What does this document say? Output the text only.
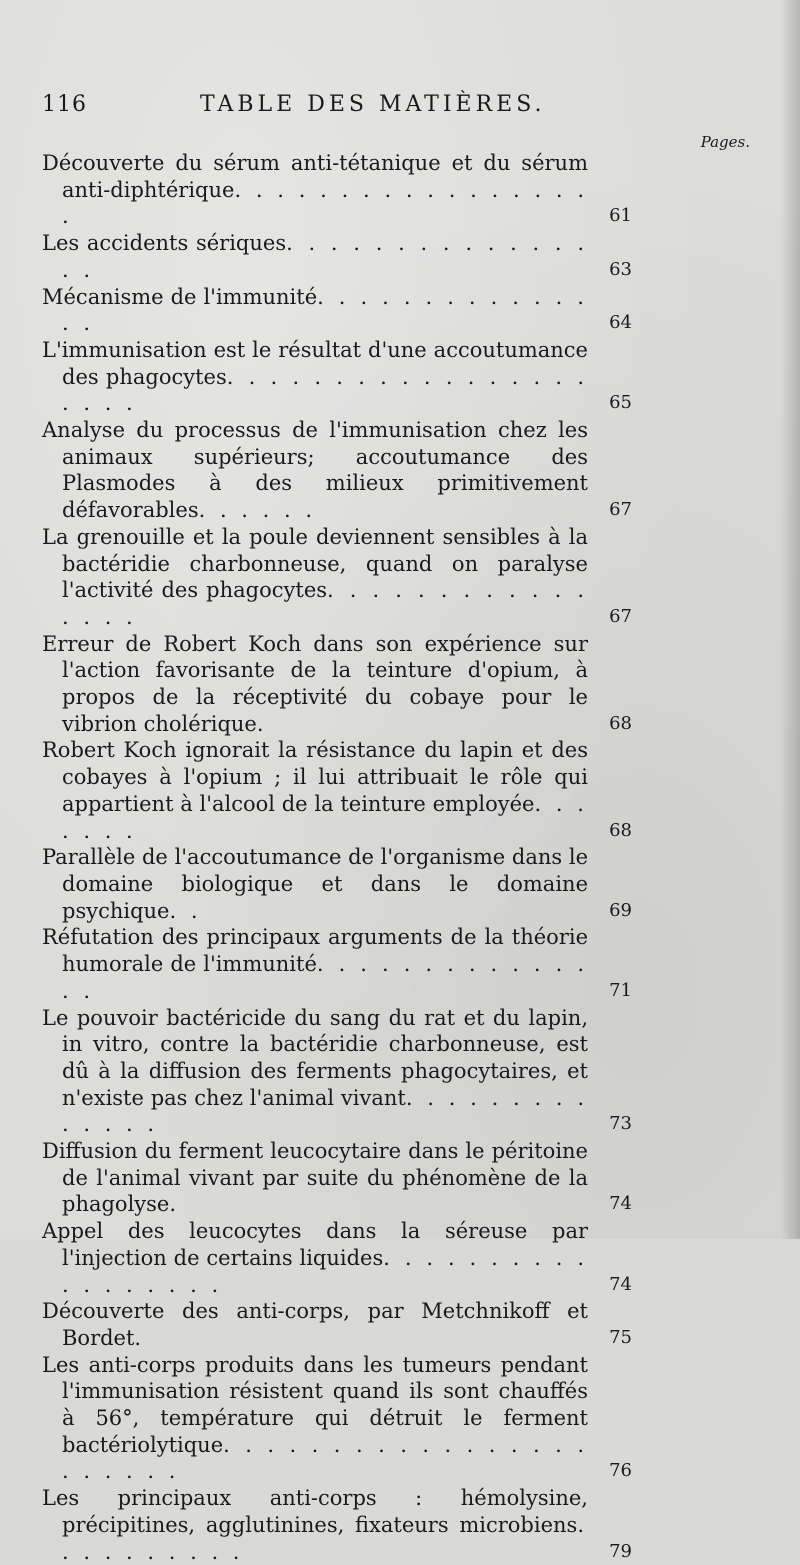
116	TABLE DES MATIÈRES.
Pages.
Découverte du sérum anti-tétanique et du sérum anti-diphtérique. . . . . . . . . . . . . . . . . .	61
Les accidents sériques. . . . . . . . . . . . . . . .	63
Mécanisme de l'immunité. . . . . . . . . . . . . . .	64
L'immunisation est le résultat d'une accoutumance des phagocytes. . . . . . . . . . . . . . . . . . . . .	65
Analyse du processus de l'immunisation chez les animaux supérieurs; accoutumance des Plasmodes à des milieux primitivement défavorables. . . . . .	67
La grenouille et la poule deviennent sensibles à la bactéridie charbonneuse, quand on paralyse l'activité des phagocytes. . . . . . . . . . . . . . . .	67
Erreur de Robert Koch dans son expérience sur l'action favorisante de la teinture d'opium, à propos de la réceptivité du cobaye pour le vibrion cholérique.	68
Robert Koch ignorait la résistance du lapin et des cobayes à l'opium ; il lui attribuait le rôle qui appartient à l'alcool de la teinture employée. . . . . . .	68
Parallèle de l'accoutumance de l'organisme dans le domaine biologique et dans le domaine psychique. .	69
Réfutation des principaux arguments de la théorie humorale de l'immunité. . . . . . . . . . . . . . .	71
Le pouvoir bactéricide du sang du rat et du lapin, in vitro, contre la bactéridie charbonneuse, est dû à la diffusion des ferments phagocytaires, et n'existe pas chez l'animal vivant. . . . . . . . . . . . . .	73
Diffusion du ferment leucocytaire dans le péritoine de l'animal vivant par suite du phénomène de la phagolyse.	74
Appel des leucocytes dans la séreuse par l'injection de certains liquides. . . . . . . . . . . . . . . . . .	74
Découverte des anti-corps, par Metchnikoff et Bordet.	75
Les anti-corps produits dans les tumeurs pendant l'immunisation résistent quand ils sont chauffés à 56°, température qui détruit le ferment bactériolytique. . . . . . . . . . . . . . . . . . . . . . .	76
Les principaux anti-corps : hémolysine, précipitines, agglutinines, fixateurs microbiens. . . . . . . . . .	79
